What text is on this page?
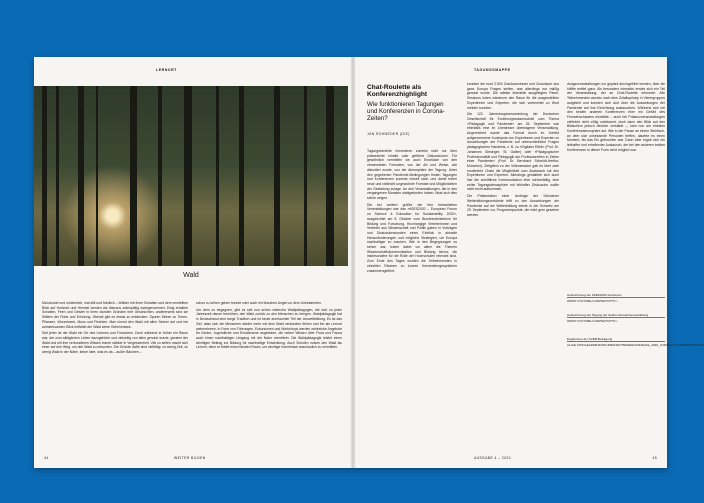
LERNORT	TAGUNGSMAPPE
Wald

Mal dunkel und unheimlich, mal still und friedlich – Wälder mit ihren Schatten und dem verstellten Blick auf Horizont und Himmel werden als überaus zwiespältig wahrgenommen. Ewig erhalten Schatten, Feen und Geister in ihren dunklen Gründen ihre Geschichten, andererseits sind sie Stätten der Ruhe und Erholung. Überall gibt es etwas zu entdecken: Spuren führen zu Tieren, Pflanzen, Wurzelwerk, Moos und Flechten. Man nimmt den Wald mit allen Sinnen auf und bei aufmerksamem Blick entfaltet der Wald seine Geheimnisse.

Seit jeher ist der Wald ein Ort des Lernens und Forschens. Doch während er früher ein Raum war, der zum alltäglichen Leben dazugehörte und vielseitig von allen genutzt wurde, geraten der Wald und mit ihm verbundenes Wissen immer stärker in Vergessenheit. Viel zu selten macht sich einer auf den Weg, um den Wald zu erkunden. Die Gründe dafür sind vielfältig: zu wenig Zeit, zu wenig Wald in der Nähe, keine Idee, was es da – außer Bäumen –

schon zu sehen geben könnte oder auch ein bisschen Angst vor dem Unbekannten.

Um dem zu begegnen, gibt es seit nun schon vielerorts Waldpädagogen, die sich zu jeder Jahreszeit darum bemühen, den Wald zurück zu den Menschen zu bringen. Waldpädagogik hat in Deutschland eine lange Tradition und ist heute anerkannter Teil der Umweltbildung. Es ist das Ziel, dass sich die Menschen wieder mehr mit dem Wald verbunden fühlen und ihn als Lernort wahrnehmen. In Form von Führungen, Exkursionen und Workshops werden zahlreiche Angebote für Kinder, Jugendliche und Erwachsene angeboten, die neben Wissen über Flora und Fauna auch einen nachhaltigen Umgang mit der Natur vermitteln. Die Waldpädagogik leistet einen wichtigen Beitrag zur Bildung für nachhaltige Entwicklung. Auch Schulen nutzen den Wald als Lernort, denn er bietet einen idealen Raum, um wichtige Kenntnisse anschaulich zu vermitteln.

Chat-Roulette als Konferenzhighlight
Wie funktionieren Tagungen und Konferenzen in Corona-Zeiten?
JAN ROHNEDER (DIE)

Tagungsberichte informieren zumeist nicht nur über präsentierte Inhalte oder geführte Diskussionen. Für gewöhnlich vermitteln sie auch Eindrücke von den verwendeten Formaten, von der Art und Weise, wie diskutiert wurde, von der Atmosphäre der Tagung. Unter den gegebenen Pandemie-Bedingungen finden Tagungen und Konferenzen zumeist virtuell statt, und damit treten neue und vielleicht ungewohnte Formate und Möglichkeiten der Gestaltung zutage. An drei Veranstaltungen, die in den vergangenen Monaten stattgefunden haben, lässt sich dies schön zeigen.

Die bei weitem größte der hier betrachteten Veranstaltungen war das »#SES2020 – European Forum on Science & Education for Sustainability 2020«, ausgerichtet am 8. Oktober vom Bundesministerium für Bildung und Forschung. Hochrangige Vertreterinnen und Vertreter aus Wissenschaft und Politik gaben in Vorträgen und Diskussionsrunden einen Einblick in aktuelle Herausforderungen und mögliche Strategien, um Europa nachhaltiger zu machen. Wie in den Begegnungen zu sehen war, traten dabei vor allem die Themen Wissenschaftskommunikation und Bildung hervor, die insbesondere für die Rolle der Hochschulen relevant sind. Zum Ende des Tages wurden die Teilnehmenden in virtuellen Räumen zu kurzen Kennenlerngesprächen zusammengeführt.

konnten die rund 2.500 Zuschauerinnen und Zuschauer aus ganz Europa Fragen stellen, was allerdings nur mäßig genutzt wurde. Die stärker interaktiv ausgelegten Panel-Sessions boten wiederum den Raum für die ausgewählten Expertinnen und Experten, die sich vorbereitet zu Wort melden konnten.

Die 122. Jahreshauptversammlung der Deutschen Gesellschaft für Erziehungswissenschaft zum Thema »Pädagogik und Pandemie« am 25. September war ebenfalls eine im Livestream übertragene Veranstaltung. Angereichert wurde das Format durch im Vorfeld aufgenommene Kurzinputs von Expertinnen und Experten zu Auswirkungen der Pandemie auf unterschiedliche Fragen pädagogischen Handelns, z. B. zu »Digitaler Ethik« (Prof. Dr. Johannes Giesinger, St. Gallen) oder »Pädagogischer Professionalität und Pädagogik der Professionellen in Zeiten einer Pandemie« (Prof. Dr. Bernhard Schmidt-Hertha, München). Zeitgleich zu der Videosession gab es über zwei moderierte Chats die Möglichkeit zum Austausch mit den Expertinnen und Experten. Allerdings gestaltete sich auch hier die schriftliche Kommunikation eher schwerfällig, eine echte Tagungsatmosphäre mit lebhafter Diskussion wollte nicht recht aufkommen.

Die Präsentation einer Umfrage der Schweizer Weiterbildungsverbände trifft zu den Auswirkungen der Pandemie auf die Weiterbildung setzte in der Schweiz am 29. September vor, Programmpunkte, die nicht gern gesehen werden.

dungsveranstaltungen vor geplant durchgeführt werden, über die Hälfte entfiel ganz. Als besonders interaktiv erwies sich ein Teil der Veranstaltung: der an Chat-Roulette erinnerte: Alle Teilnehmenden wurden nach dem Zufallsprinzip in Vierergruppen aufgeteilt und konnten sich dort über die Auswirkungen der Pandemie auf ihre Einrichtung austauschen. Während sich bei den beiden anderen Konferenzen eher ein Gefühl des Fernsehschauens einstellte – auch bei Präsenzveranstaltungen vielleicht nicht völlig unbekannt, doch dann den Blick auf den Bildschirm jedoch deutlich verstärkt –, kam nun am ehesten Konferenzatmosphäre auf. Wie in der Pause an einem Stehtisch, an dem sich unbekannte Personen treffen, dauerte es einen Moment, bis das Eis gebrochen war. Dann aber ergab sich ein lebhafter und erhellender Austausch, der bei den anderen beiden Konferenzen in dieser Form nicht möglich war.

Aufzeichnung der #SES2020 Konferenz
WWW.YOUTUBE.COM/WATCH?V=…
Aufzeichnung der Tagung der Sektion Erwachsenenbildung
WWW.YOUTUBE.COM/WATCH?V=…
Ergebnisse der SVEB-Befragung
ALICE.CH/FILEADMIN/DOKUMENTE/THEMEN/UMFRAGE_2020_CORONA_AUSWERTUNG.PDF
44	WEITER BILDEN	AUSGABE 4 – 2020	45
